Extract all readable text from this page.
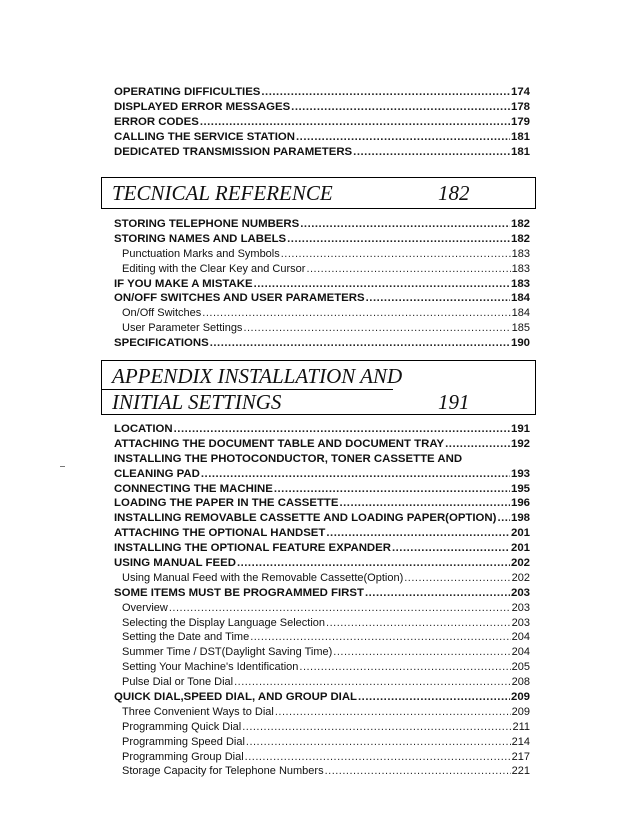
OPERATING DIFFICULTIES .....	174
DISPLAYED ERROR MESSAGES .....	178
ERROR CODES .....	179
CALLING THE SERVICE STATION .....	181
DEDICATED TRANSMISSION PARAMETERS .....	181
TECNICAL REFERENCE	182
STORING TELEPHONE NUMBERS .....	182
STORING NAMES AND LABELS .....	182
Punctuation Marks and Symbols .....	183
Editing with the Clear Key and Cursor .....	183
IF YOU MAKE A MISTAKE .....	183
ON/OFF SWITCHES AND USER PARAMETERS .....	184
On/Off Switches .....	184
User Parameter Settings .....	185
SPECIFICATIONS .....	190
APPENDIX INSTALLATION AND
INITIAL SETTINGS	191
LOCATION .....	191
ATTACHING THE DOCUMENT TABLE AND DOCUMENT TRAY .....	192
INSTALLING THE PHOTOCONDUCTOR, TONER CASSETTE AND
CLEANING PAD .....	193
CONNECTING THE MACHINE .....	195
LOADING THE PAPER IN THE CASSETTE .....	196
INSTALLING REMOVABLE CASSETTE AND LOADING PAPER(OPTION) ..... 198
ATTACHING THE OPTIONAL HANDSET .....	201
INSTALLING THE OPTIONAL FEATURE EXPANDER .....	201
USING MANUAL FEED .....	202
Using Manual Feed with the Removable Cassette(Option) .....	202
SOME ITEMS MUST BE PROGRAMMED FIRST .....	203
Overview .....	203
Selecting the Display Language Selection .....	203
Setting the Date and Time .....	204
Summer Time / DST(Daylight Saving Time) .....	204
Setting Your Machine's Identification .....	205
Pulse Dial or Tone Dial .....	208
QUICK DIAL,SPEED DIAL, AND GROUP DIAL .....	209
Three Convenient Ways to Dial .....	209
Programming Quick Dial .....	211
Programming Speed Dial .....	214
Programming Group Dial .....	217
Storage Capacity for Telephone Numbers .....	221
